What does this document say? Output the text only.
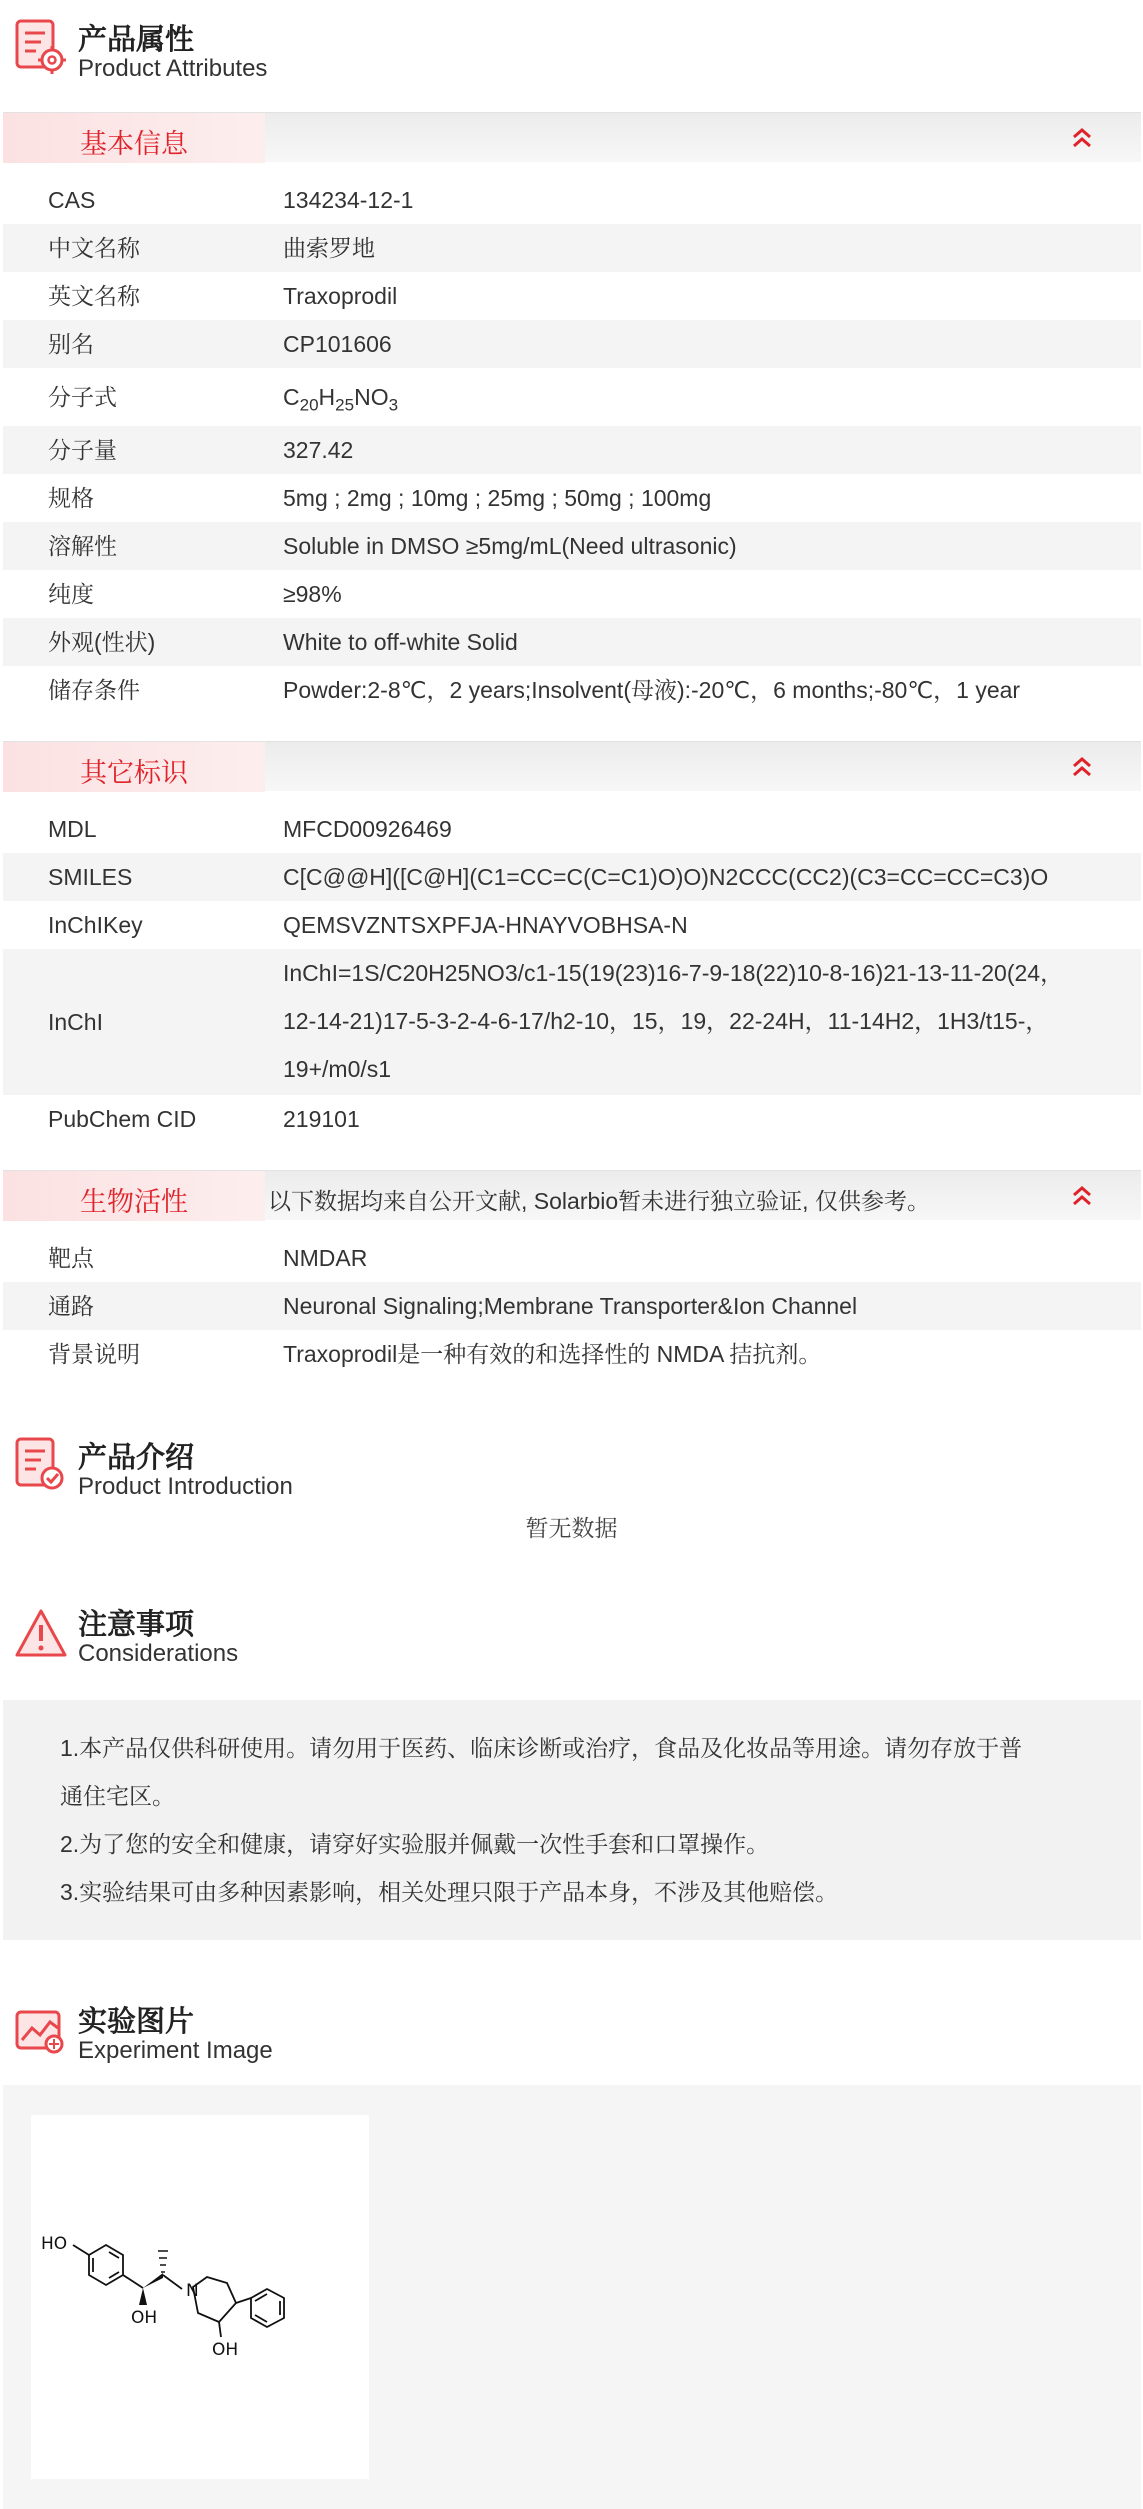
产品属性
Product Attributes
基本信息
CAS	134234-12-1
中文名称	曲索罗地
英文名称	Traxoprodil
别名	CP101606
分子式	$C_{20}H_{25}NO_3$
分子量	327.42
规格	5mg ; 2mg ; 10mg ; 25mg ; 50mg ; 100mg
溶解性	Soluble in DMSO ≥5mg/mL(Need ultrasonic)
纯度	≥98%
外观(性状)	White to off-white Solid
储存条件	Powder:2-8℃，2 years;Insolvent(母液):-20℃，6 months;-80℃，1 year
其它标识
MDL	MFCD00926469
SMILES	C[C@@H]([C@H](C1=CC=C(C=C1)O)O)N2CCC(CC2)(C3=CC=CC=C3)O
InChIKey	QEMSVZNTSXPFJA-HNAYVOBHSA-N
InChI
InChI=1S/C20H25NO3/c1-15(19(23)16-7-9-18(22)10-8-16)21-13-11-20(24，
12-14-21)17-5-3-2-4-6-17/h2-10，15，19，22-24H，11-14H2，1H3/t15-，
19+/m0/s1
PubChem CID	219101
生物活性	以下数据均来自公开文献, Solarbio暂未进行独立验证, 仅供参考。
靶点	NMDAR
通路	Neuronal Signaling;Membrane Transporter&Ion Channel
背景说明	Traxoprodil是一种有效的和选择性的 NMDA 拮抗剂。
产品介绍
Product Introduction
暂无数据
注意事项
Considerations
1.本产品仅供科研使用。请勿用于医药、临床诊断或治疗，食品及化妆品等用途。请勿存放于普
通住宅区。
2.为了您的安全和健康，请穿好实验服并佩戴一次性手套和口罩操作。
3.实验结果可由多种因素影响，相关处理只限于产品本身，不涉及其他赔偿。
实验图片
Experiment Image
HO
N
OH
OH
